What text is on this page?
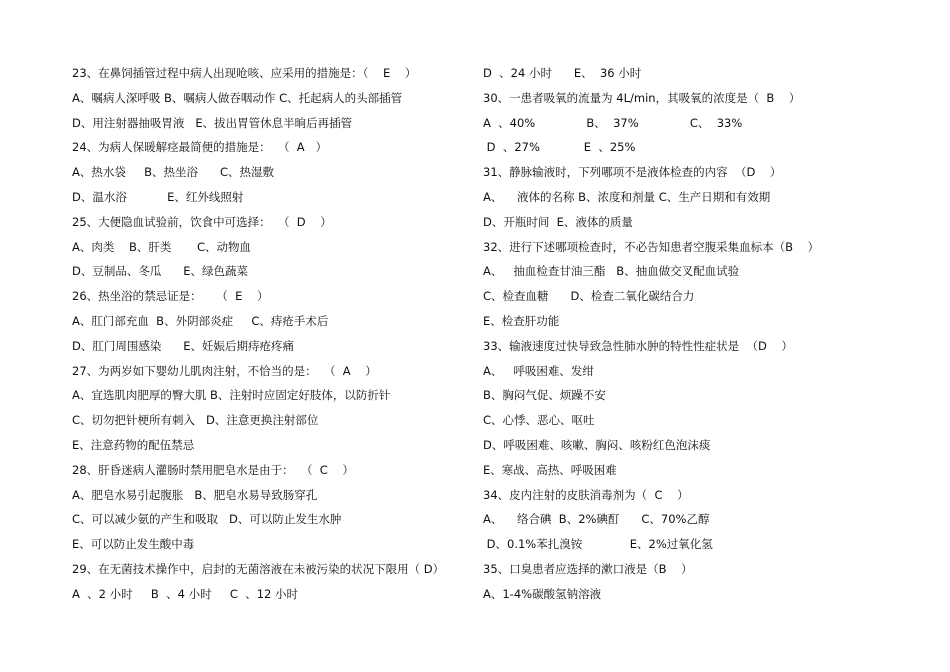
23、在鼻饲插管过程中病人出现呛咳、应采用的措施是：（    E    ）
A、嘱病人深呼吸 B、嘱病人做吞咽动作 C、托起病人的头部插管
D、用注射器抽吸胃液   E、拔出胃管休息半晌后再插管
24、为病人保暖解痉最简便的措施是：  （  A   ）
A、热水袋     B、热坐浴      C、热湿敷
D、温水浴           E、红外线照射
25、大便隐血试验前，饮食中可选择：  （  D    ）
A、肉类    B、肝类       C、动物血
D、豆制品、冬瓜      E、绿色蔬菜
26、热坐浴的禁忌证是：    （  E    ）
A、肛门部充血  B、外阴部炎症     C、痔疮手术后
D、肛门周围感染      E、妊娠后期痔疮疼痛
27、为两岁如下婴幼儿肌肉注射，不恰当的是：  （  A    ）
A、宜选肌肉肥厚的臀大肌 B、注射时应固定好肢体，以防折针
C、切勿把针梗所有刺入   D、注意更换注射部位
E、注意药物的配伍禁忌
28、肝昏迷病人灌肠时禁用肥皂水是由于：  （  C    ）
A、肥皂水易引起腹胀   B、肥皂水易导致肠穿孔
C、可以减少氨的产生和吸取   D、可以防止发生水肿
E、可以防止发生酸中毒
29、在无菌技术操作中，启封的无菌溶液在未被污染的状况下限用（ D）
A  、2 小时     B  、4 小时     C  、12 小时
D  、24 小时      E、  36 小时
30、一患者吸氧的流量为 4L/min，其吸氧的浓度是（  B    ）
A  、40%              B、  37%              C、  33%
D  、27%            E  、25%
31、静脉输液时，下列哪项不是液体检查的内容  （D    ）
A、    液体的名称 B、浓度和剂量 C、生产日期和有效期
D、开瓶时间  E、液体的质量
32、进行下述哪项检查时，不必告知患者空腹采集血标本（B    ）
A、   抽血检查甘油三酯   B、抽血做交叉配血试验
C、检查血糖      D、检查二氧化碳结合力
E、检查肝功能
33、输液速度过快导致急性肺水肿的特性性症状是  （D    ）
A、   呼吸困难、发绀
B、胸闷气促、烦躁不安
C、心悸、恶心、呕吐
D、呼吸困难、咳嗽、胸闷、咳粉红色泡沫痰
E、寒战、高热、呼吸困难
34、皮内注射的皮肤消毒剂为（  C    ）
A、    络合碘  B、2%碘酊      C、70%乙醇
D、0.1%苯扎溴铵             E、2%过氧化氢
35、口臭患者应选择的漱口液是（B    ）
A、1-4%碳酸氢钠溶液
